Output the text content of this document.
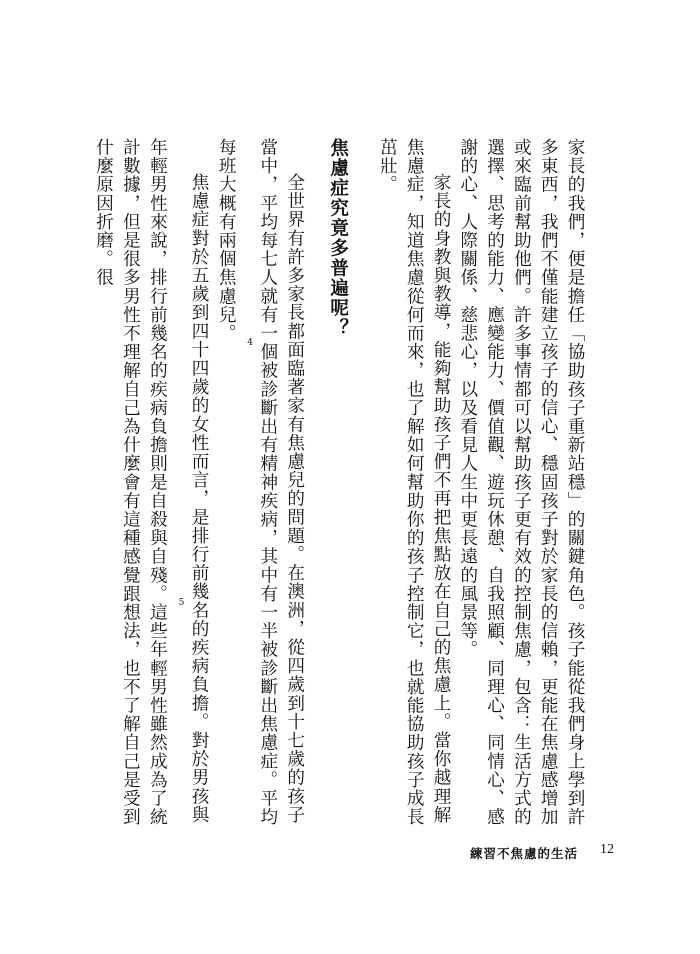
家長的我們，便是擔任「協助孩子重新站穩」的關鍵角色。孩子能從我們身上學到許多東西，我們不僅能建立孩子的信心、穩固孩子對於家長的信賴，更能在焦慮感增加或來臨前幫助他們。許多事情都可以幫助孩子更有效的控制焦慮，包含：生活方式的選擇、思考的能力、應變能力、價值觀、遊玩休憩、自我照顧、同理心、同情心、感謝的心、人際關係、慈悲心，以及看見人生中更長遠的風景等。

家長的身教與教導，能夠幫助孩子們不再把焦點放在自己的焦慮上。當你越理解焦慮症，知道焦慮從何而來，也了解如何幫助你的孩子控制它，也就能協助孩子成長茁壯。

焦慮症究竟多普遍呢？

全世界有許多家長都面臨著家有焦慮兒的問題。在澳洲，從四歲到十七歲的孩子當中，平均每七人就有一個被診斷出有精神疾病，其中有一半被診斷出焦慮症。平均每班大概有兩個焦慮兒。 $^4$

焦慮症對於五歲到四十四歲的女性而言，是排行前幾名的疾病負擔。對於男孩與年輕男性來說，排行前幾名的疾病負擔則是自殺與自殘。 $^5$這些年輕男性雖然成為了統計數據，但是很多男性不理解自己為什麼會有這種感覺跟想法，也不了解自己是受到什麼原因折磨。很

練習不焦慮的生活 12
